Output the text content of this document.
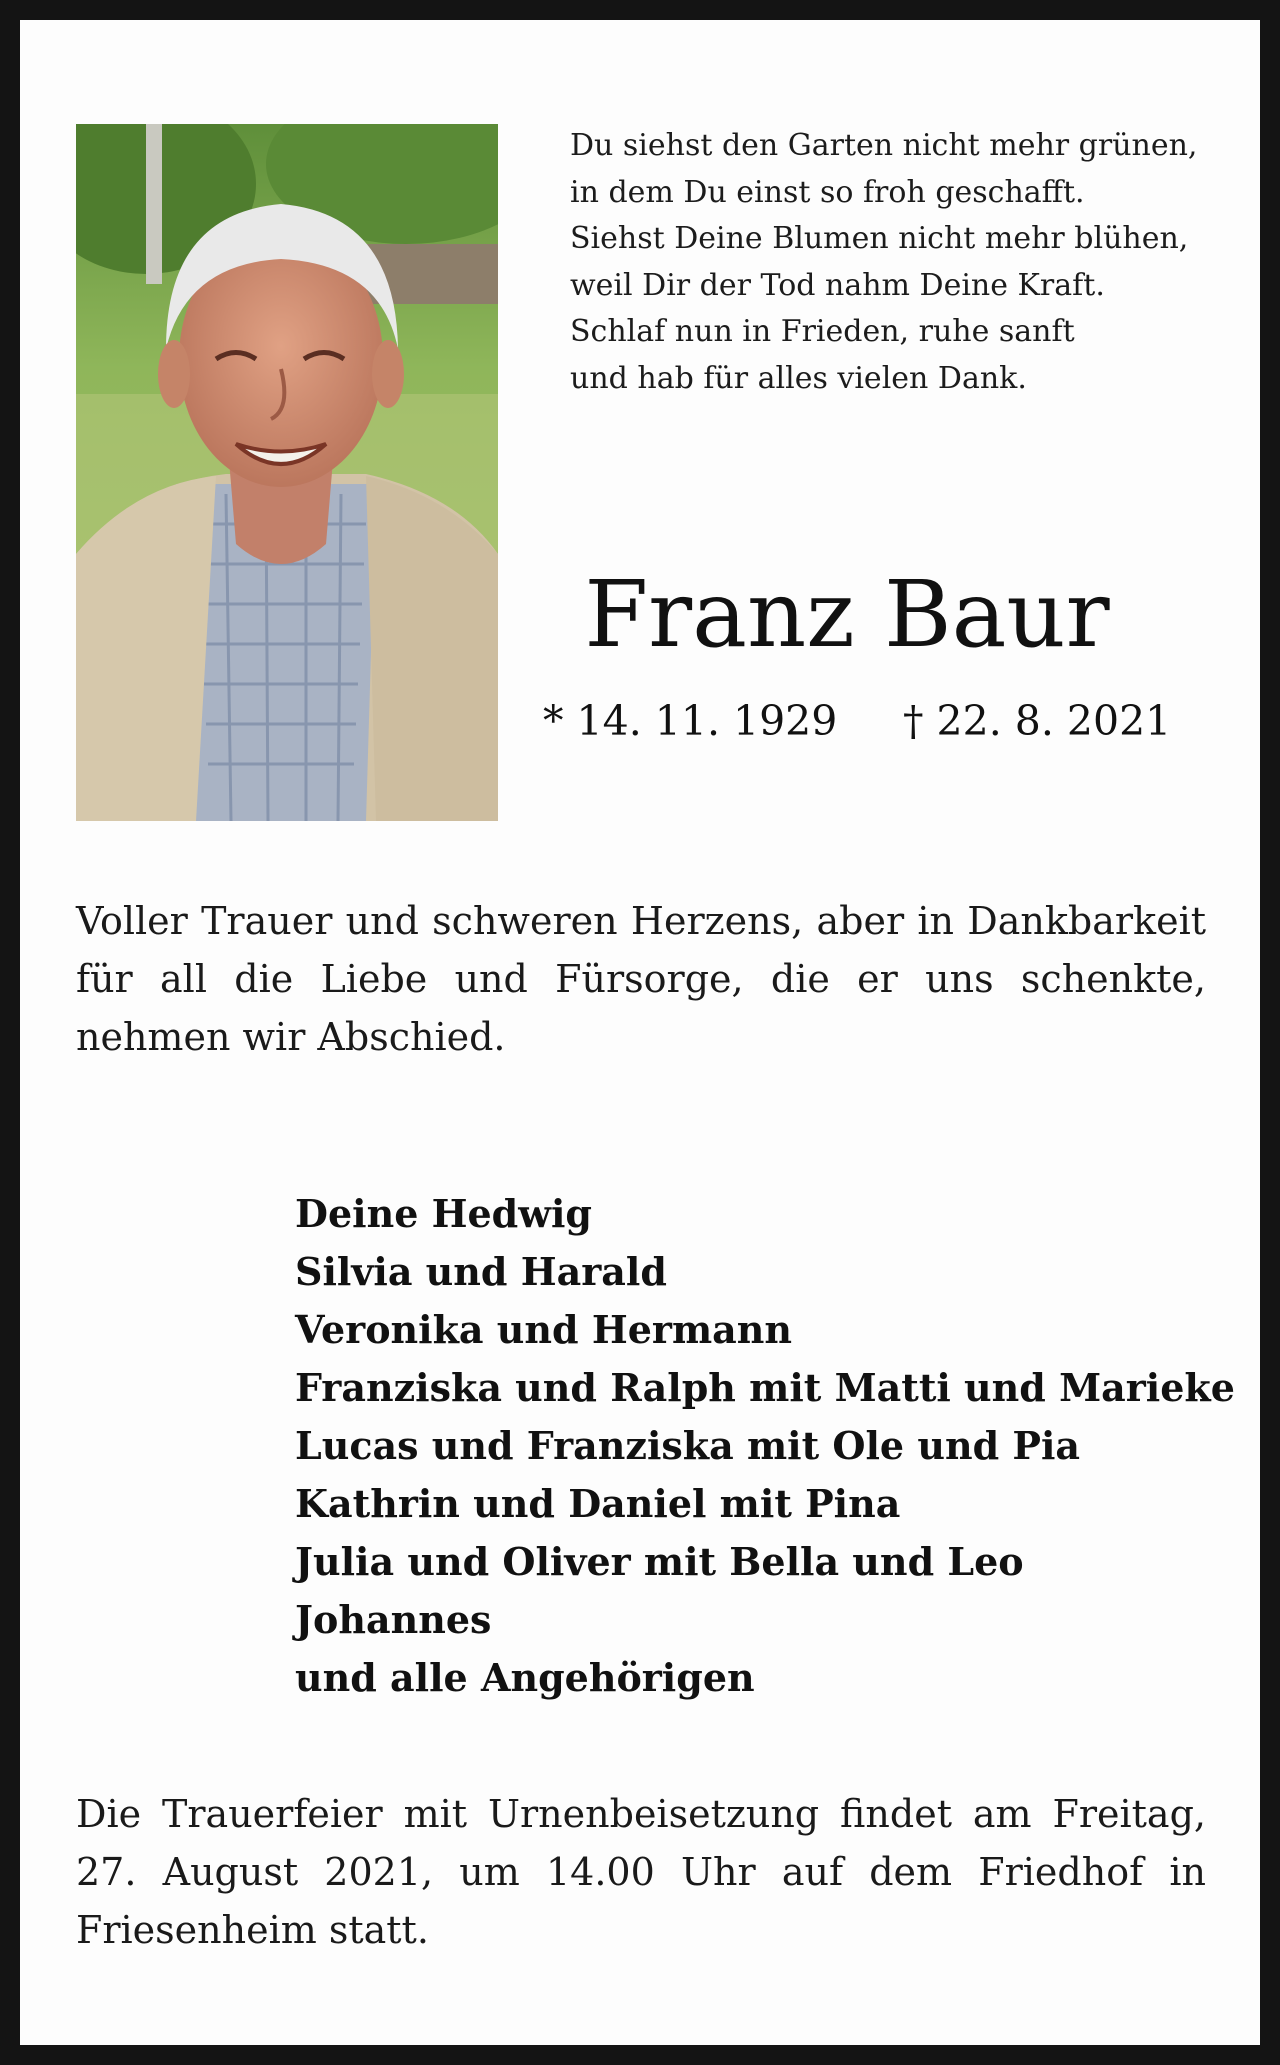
Du siehst den Garten nicht mehr grünen,
in dem Du einst so froh geschafft.
Siehst Deine Blumen nicht mehr blühen,
weil Dir der Tod nahm Deine Kraft.
Schlaf nun in Frieden, ruhe sanft
und hab für alles vielen Dank.
Franz Baur
* 14. 11. 1929 † 22. 8. 2021

Voller Trauer und schweren Herzens, aber in Dankbarkeit für all die Liebe und Fürsorge, die er uns schenkte, nehmen wir Abschied.

Deine Hedwig
Silvia und Harald
Veronika und Hermann
Franziska und Ralph mit Matti und Marieke
Lucas und Franziska mit Ole und Pia
Kathrin und Daniel mit Pina
Julia und Oliver mit Bella und Leo
Johannes
und alle Angehörigen

Die Trauerfeier mit Urnenbeisetzung findet am Freitag, 27. August 2021, um 14.00 Uhr auf dem Friedhof in Friesenheim statt.
